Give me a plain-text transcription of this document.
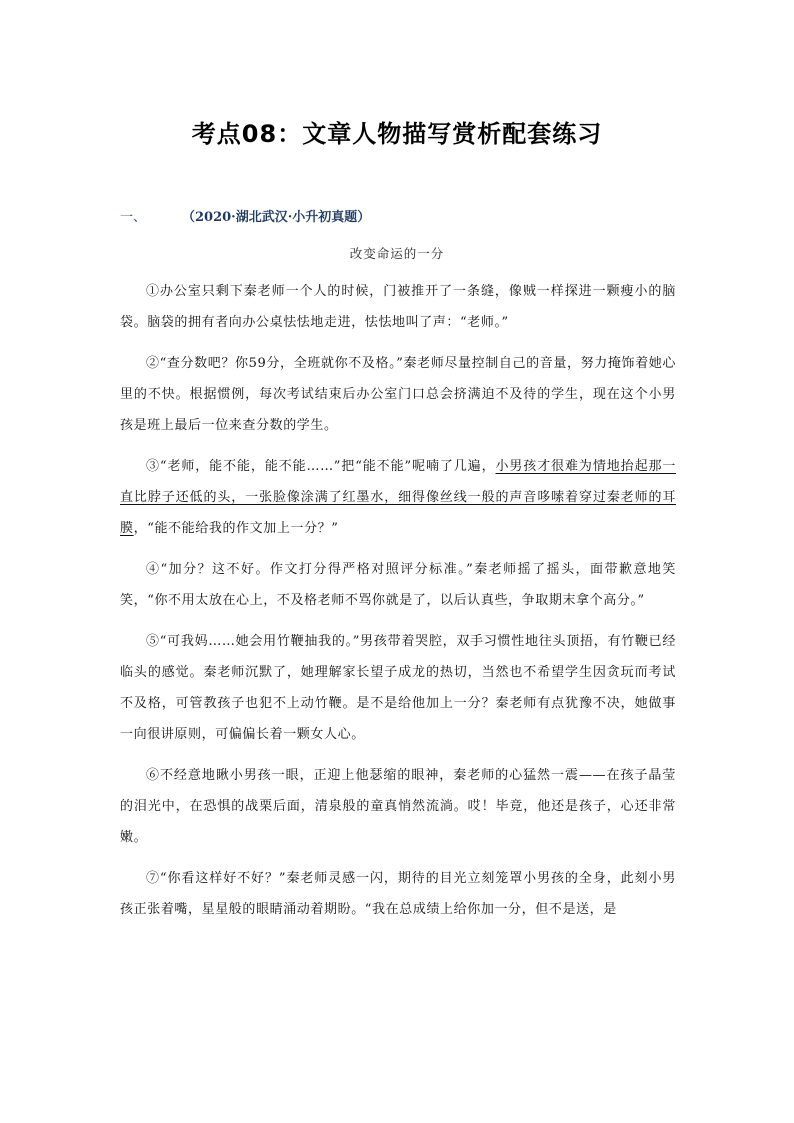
考点08：文章人物描写赏析配套练习
一、	（2020·湖北武汉·小升初真题）
改变命运的一分

①办公室只剩下秦老师一个人的时候，门被推开了一条缝，像贼一样探进一颗瘦小的脑袋。脑袋的拥有者向办公桌怯怯地走进，怯怯地叫了声：“老师。”

②“查分数吧？你59分，全班就你不及格。”秦老师尽量控制自己的音量，努力掩饰着她心里的不快。根据惯例，每次考试结束后办公室门口总会挤满迫不及待的学生，现在这个小男孩是班上最后一位来查分数的学生。

③“老师，能不能，能不能……”把“能不能”呢喃了几遍，小男孩才很难为情地抬起那一直比脖子还低的头，一张脸像涂满了红墨水，细得像丝线一般的声音哆嗦着穿过秦老师的耳膜，“能不能给我的作文加上一分？”

④“加分？这不好。作文打分得严格对照评分标准。”秦老师摇了摇头，面带歉意地笑笑，“你不用太放在心上，不及格老师不骂你就是了，以后认真些，争取期末拿个高分。”

⑤“可我妈……她会用竹鞭抽我的。”男孩带着哭腔，双手习惯性地往头顶捂，有竹鞭已经临头的感觉。秦老师沉默了，她理解家长望子成龙的热切，当然也不希望学生因贪玩而考试不及格，可管教孩子也犯不上动竹鞭。是不是给他加上一分？秦老师有点犹豫不决，她做事一向很讲原则，可偏偏长着一颗女人心。

⑥不经意地瞅小男孩一眼，正迎上他瑟缩的眼神，秦老师的心猛然一震——在孩子晶莹的泪光中，在恐惧的战栗后面，清泉般的童真悄然流淌。哎！毕竟，他还是孩子，心还非常嫩。

⑦“你看这样好不好？”秦老师灵感一闪，期待的目光立刻笼罩小男孩的全身，此刻小男孩正张着嘴，星星般的眼睛涌动着期盼。“我在总成绩上给你加一分，但不是送，是
